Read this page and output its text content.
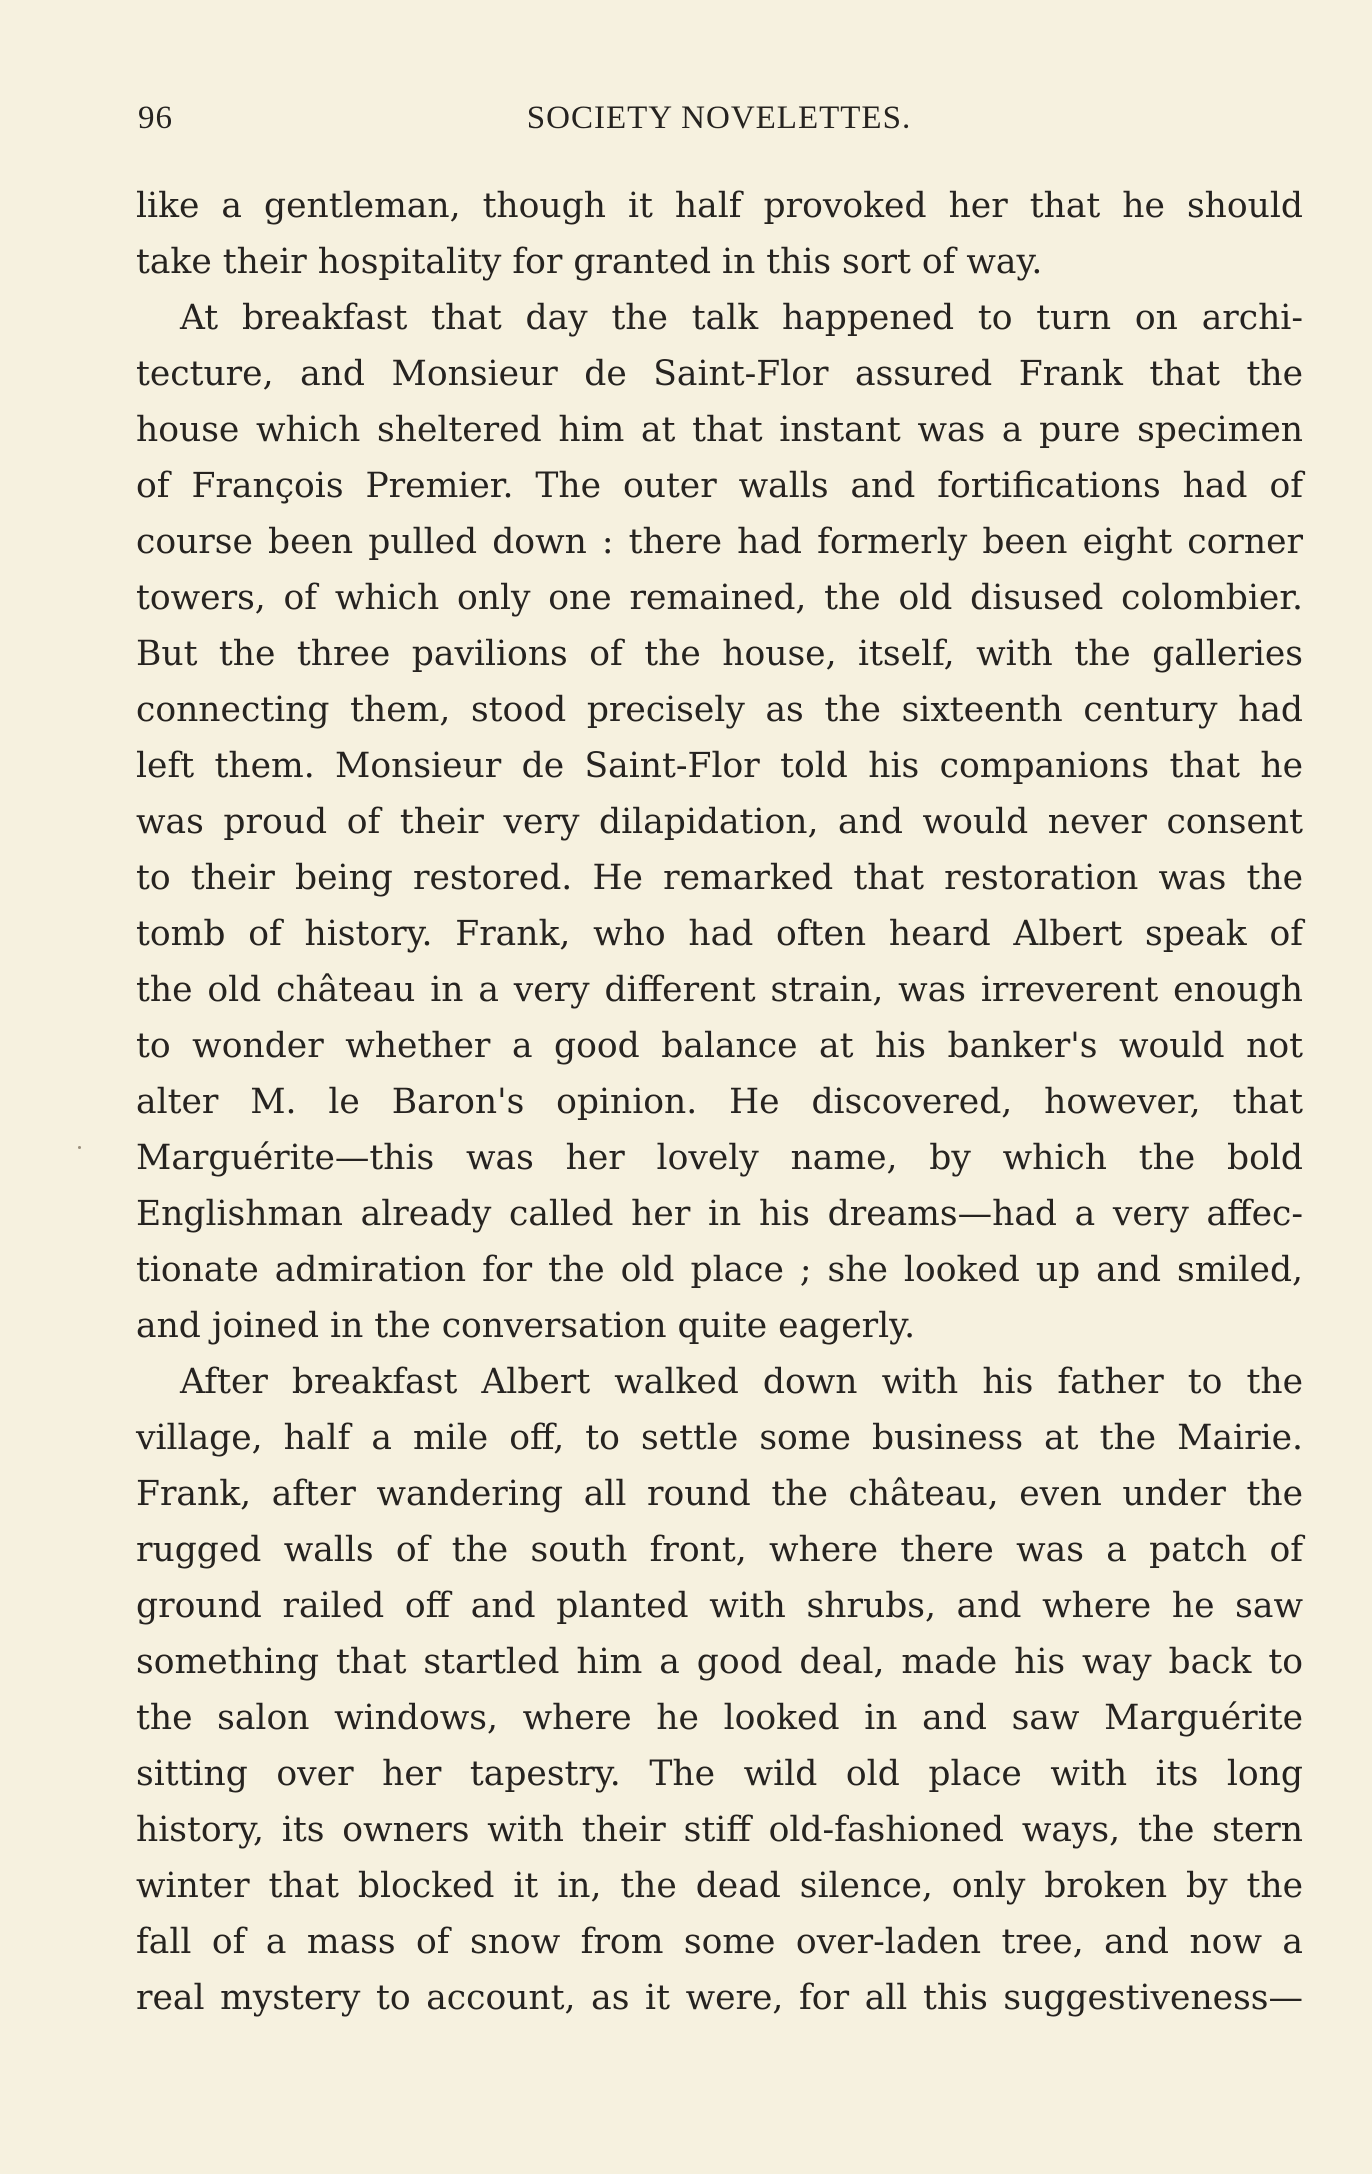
96	SOCIETY NOVELETTES.
like a gentleman, though it half provoked her that he should
take their hospitality for granted in this sort of way.
At breakfast that day the talk happened to turn on archi-
tecture, and Monsieur de Saint-Flor assured Frank that the
house which sheltered him at that instant was a pure specimen
of François Premier. The outer walls and fortifications had of
course been pulled down : there had formerly been eight corner
towers, of which only one remained, the old disused colombier.
But the three pavilions of the house, itself, with the galleries
connecting them, stood precisely as the sixteenth century had
left them. Monsieur de Saint-Flor told his companions that he
was proud of their very dilapidation, and would never consent
to their being restored. He remarked that restoration was the
tomb of history. Frank, who had often heard Albert speak of
the old château in a very different strain, was irreverent enough
to wonder whether a good balance at his banker's would not
alter M. le Baron's opinion. He discovered, however, that
Marguérite—this was her lovely name, by which the bold
Englishman already called her in his dreams—had a very affec-
tionate admiration for the old place ; she looked up and smiled,
and joined in the conversation quite eagerly.
After breakfast Albert walked down with his father to the
village, half a mile off, to settle some business at the Mairie.
Frank, after wandering all round the château, even under the
rugged walls of the south front, where there was a patch of
ground railed off and planted with shrubs, and where he saw
something that startled him a good deal, made his way back to
the salon windows, where he looked in and saw Marguérite
sitting over her tapestry. The wild old place with its long
history, its owners with their stiff old-fashioned ways, the stern
winter that blocked it in, the dead silence, only broken by the
fall of a mass of snow from some over-laden tree, and now a
real mystery to account, as it were, for all this suggestiveness—
